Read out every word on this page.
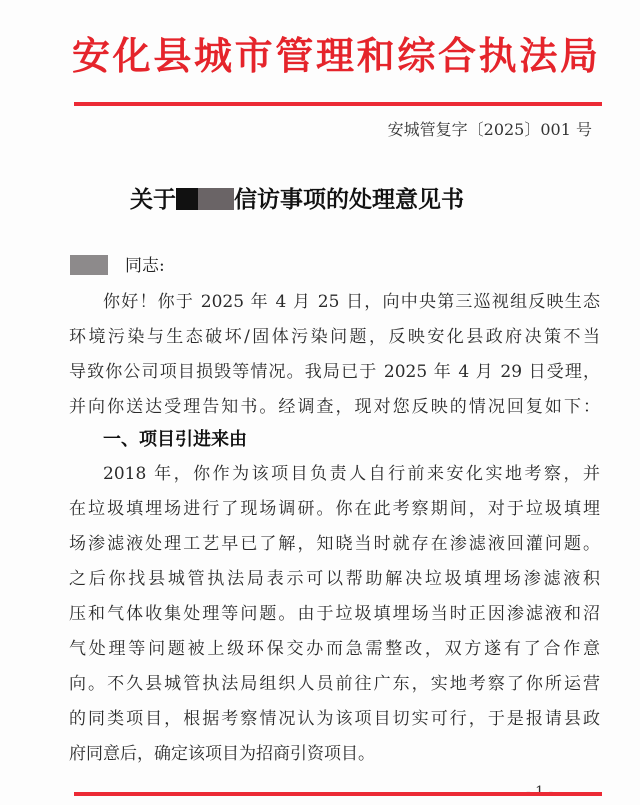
安化县城市管理和综合执法局
安城管复字〔2025〕001 号
关于	信访事项的处理意见书
同志:
你好！你于 2025 年 4 月 25 日，向中央第三巡视组反映生态
环境污染与生态破坏/固体污染问题，反映安化县政府决策不当
导致你公司项目损毁等情况。我局已于 2025 年 4 月 29 日受理，
并向你送达受理告知书。经调查，现对您反映的情况回复如下：
一、项目引进来由
2018 年，你作为该项目负责人自行前来安化实地考察，并
在垃圾填埋场进行了现场调研。你在此考察期间，对于垃圾填埋
场渗滤液处理工艺早已了解，知晓当时就存在渗滤液回灌问题。
之后你找县城管执法局表示可以帮助解决垃圾填埋场渗滤液积
压和气体收集处理等问题。由于垃圾填埋场当时正因渗滤液和沼
气处理等问题被上级环保交办而急需整改，双方遂有了合作意
向。不久县城管执法局组织人员前往广东，实地考察了你所运营
的同类项目，根据考察情况认为该项目切实可行，于是报请县政
府同意后，确定该项目为招商引资项目。
